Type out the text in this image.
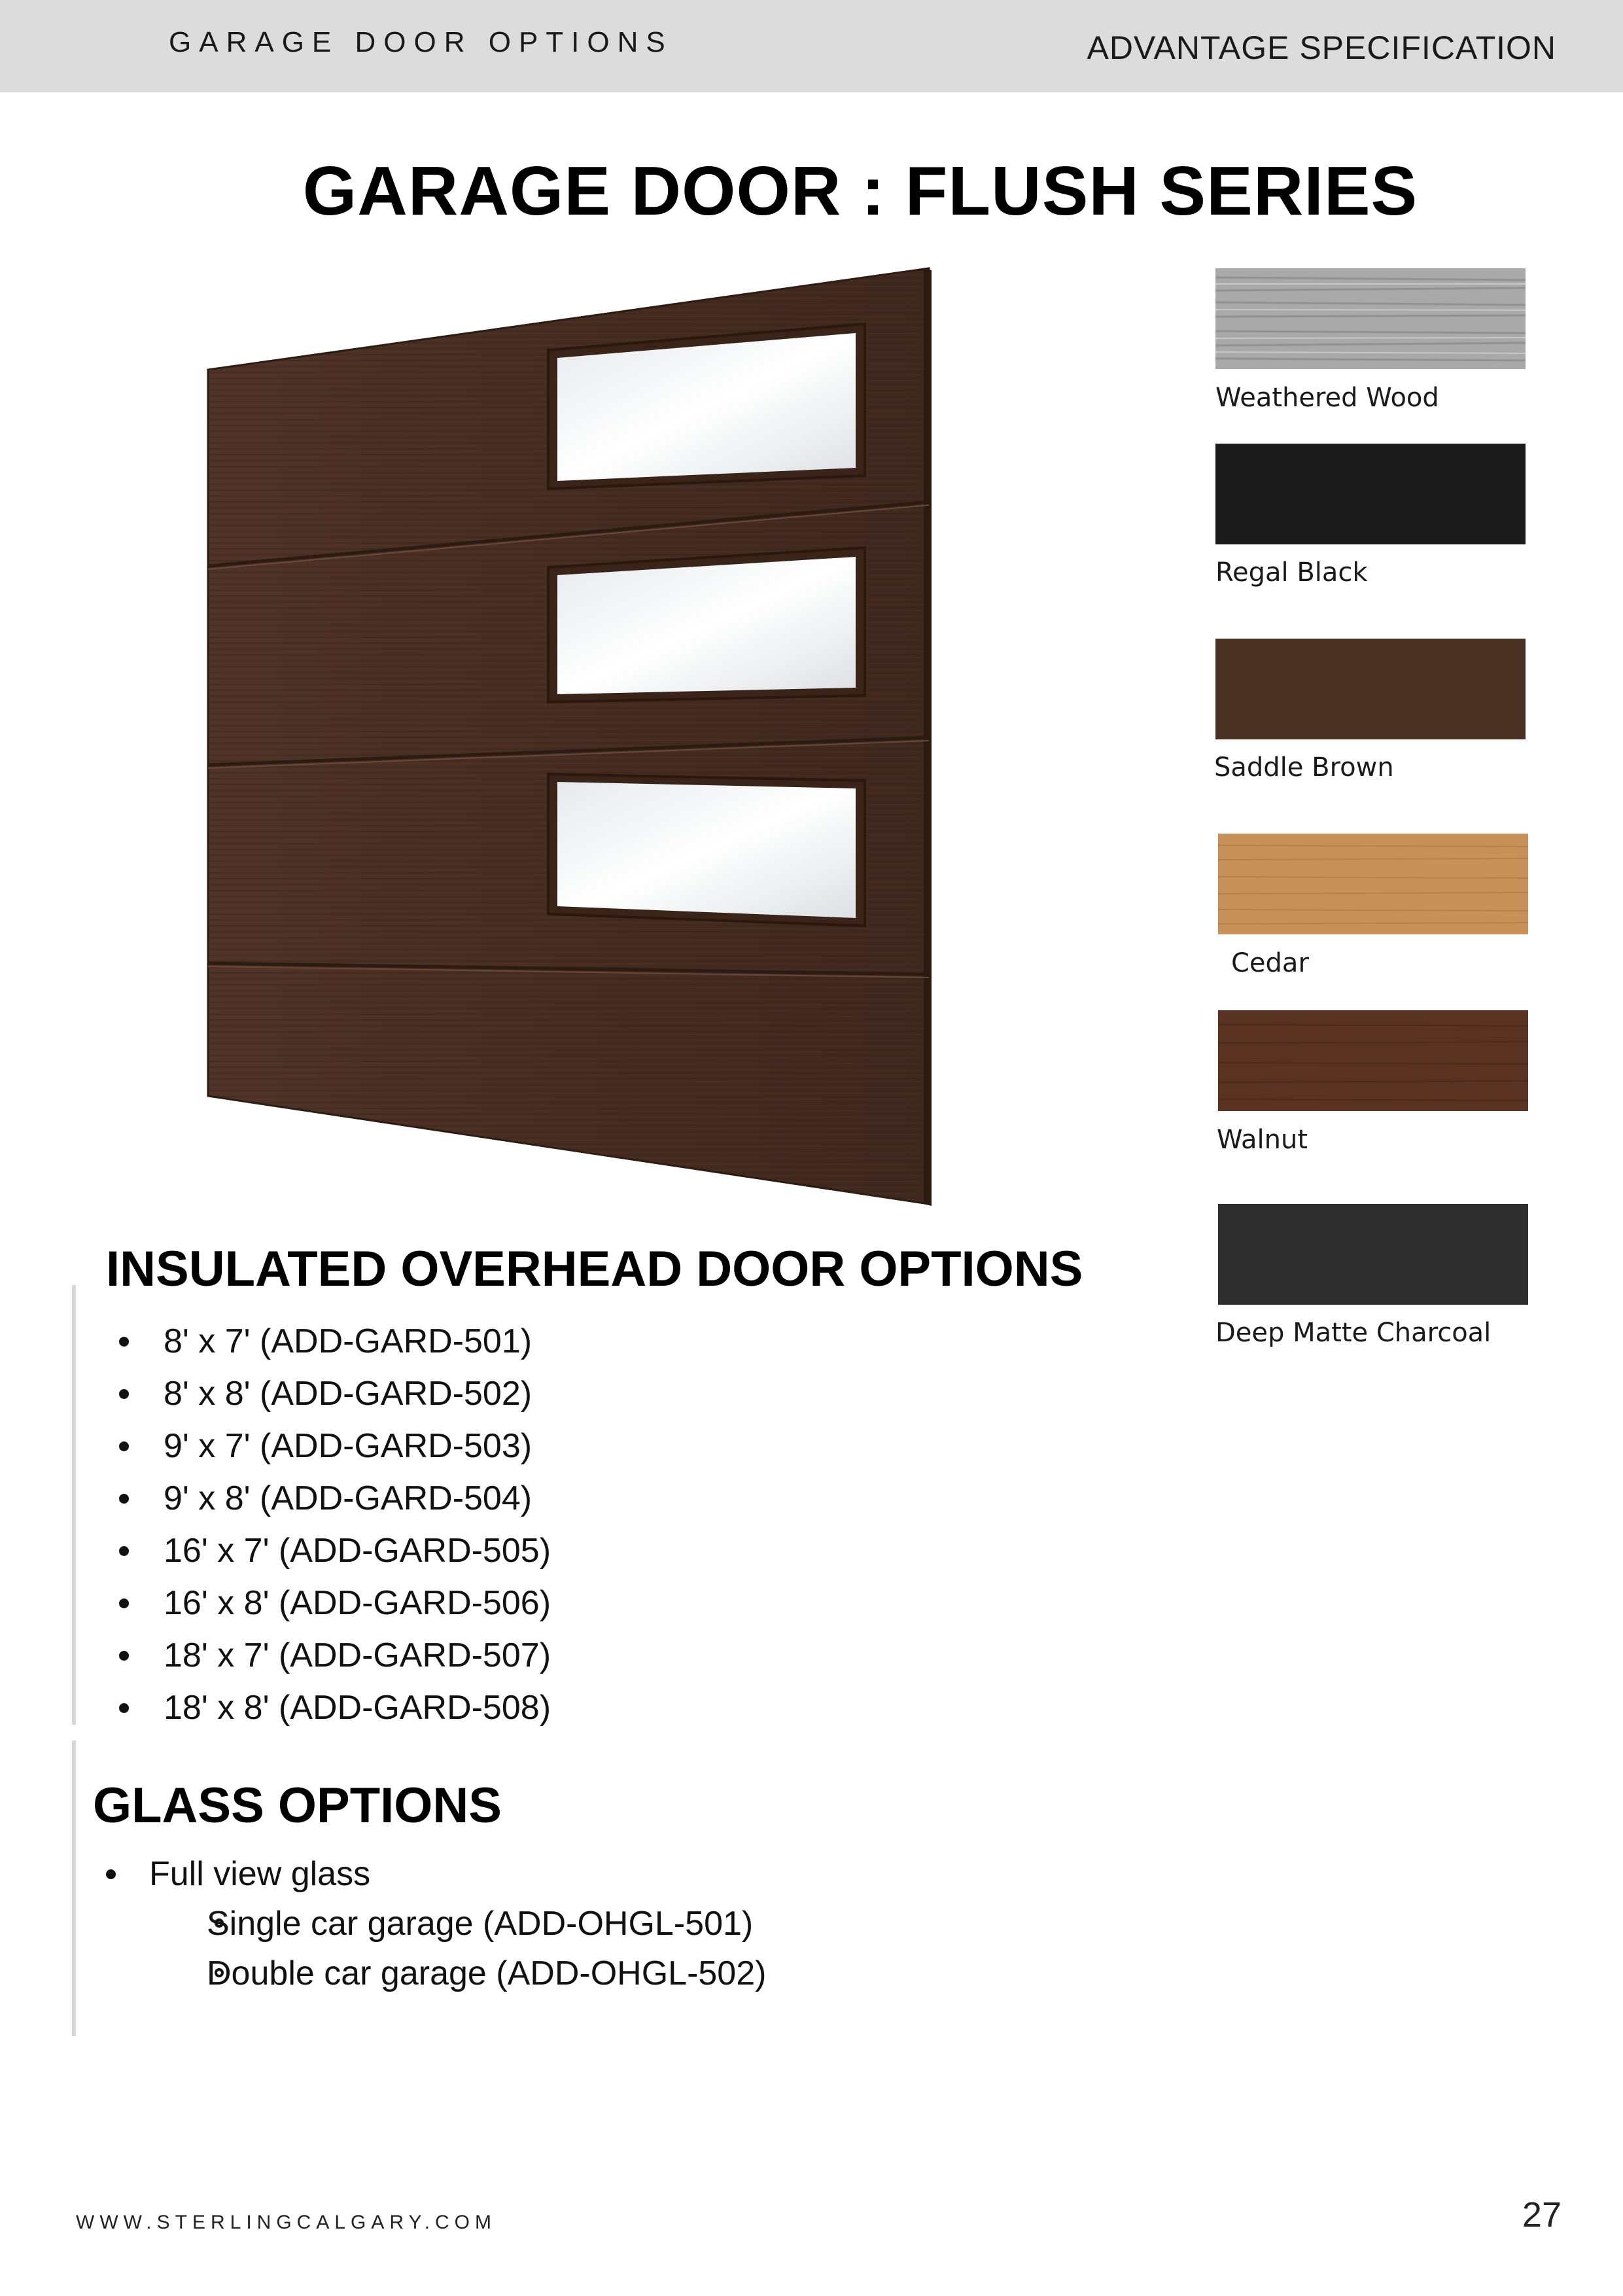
GARAGE DOOR OPTIONS	ADVANTAGE SPECIFICATION
GARAGE DOOR : FLUSH SERIES
Weathered Wood
Regal Black
Saddle Brown
Cedar
Walnut
Deep Matte Charcoal
INSULATED OVERHEAD DOOR OPTIONS
8' x 7' (ADD-GARD-501)
8' x 8' (ADD-GARD-502)
9' x 7' (ADD-GARD-503)
9' x 8' (ADD-GARD-504)
16' x 7' (ADD-GARD-505)
16' x 8' (ADD-GARD-506)
18' x 7' (ADD-GARD-507)
18' x 8' (ADD-GARD-508)
GLASS OPTIONS
Full view glass
Single car garage (ADD-OHGL-501)
Double car garage (ADD-OHGL-502)
WWW.STERLINGCALGARY.COM	27
